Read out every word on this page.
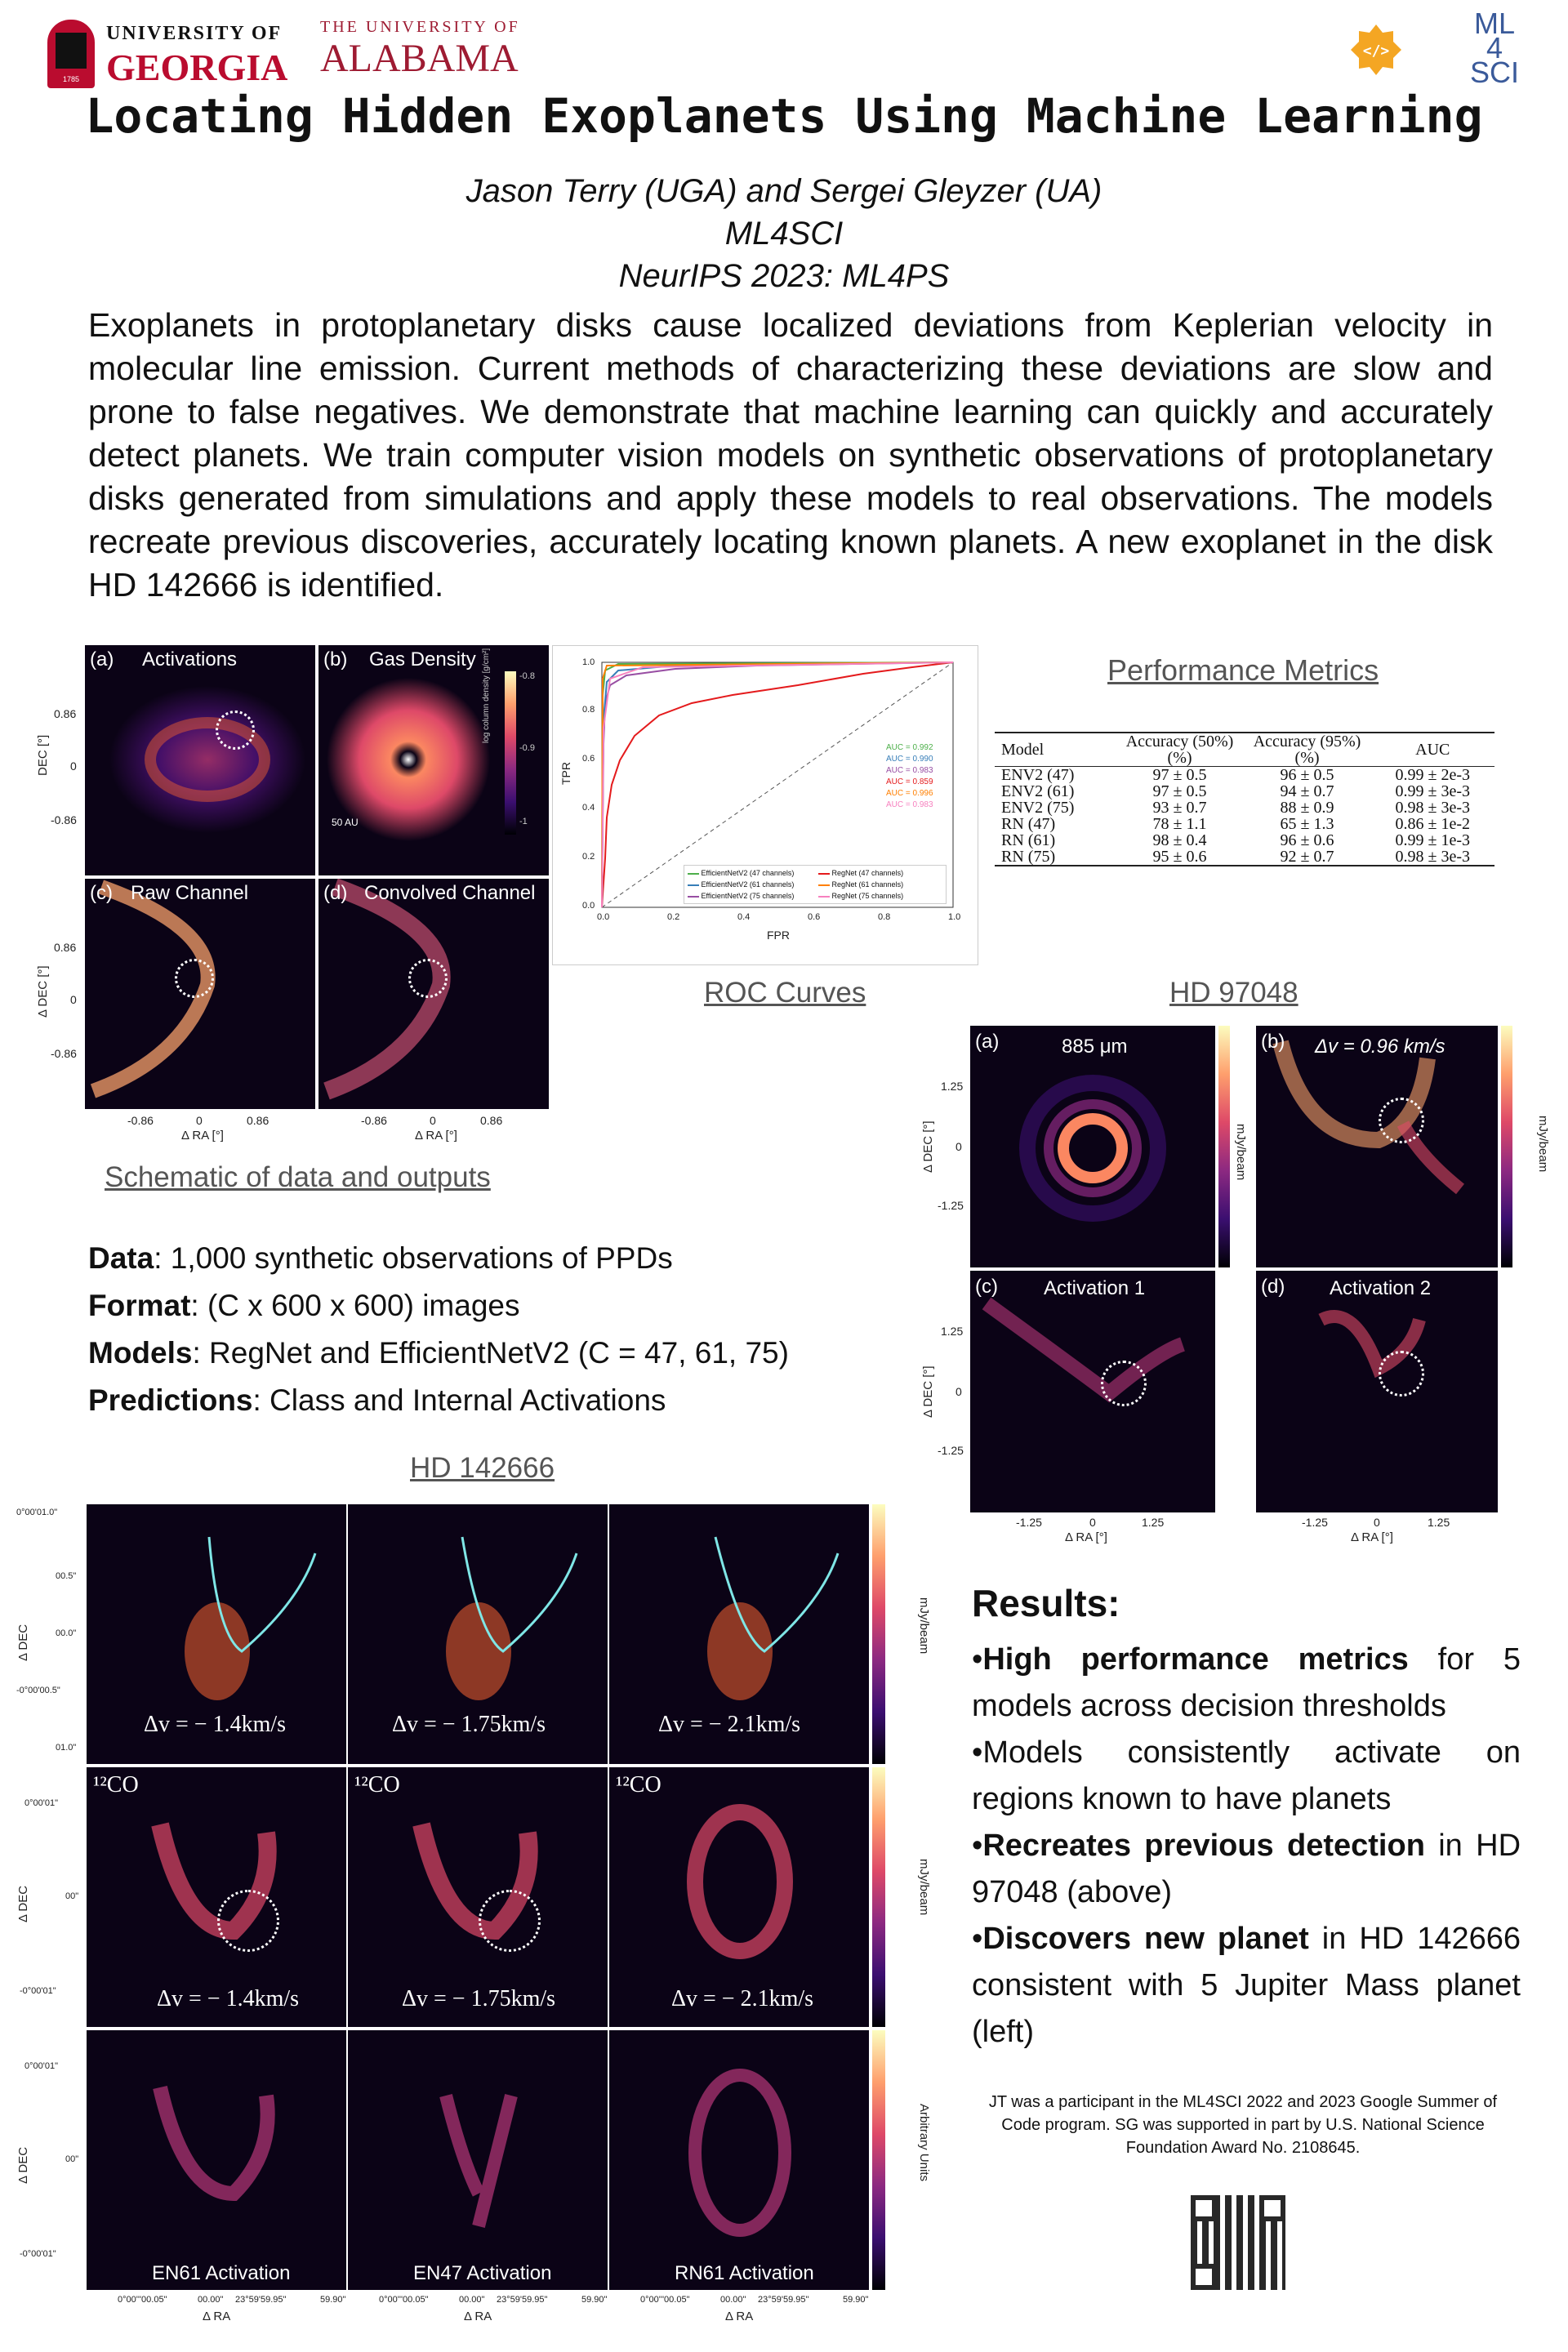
1785
UNIVERSITY OF
GEORGIA
THE UNIVERSITY OF
ALABAMA	</>
ML
4
SCI
Locating Hidden Exoplanets Using Machine Learning
Jason Terry (UGA) and Sergei Gleyzer (UA)
ML4SCI
NeurIPS 2023: ML4PS
Exoplanets in protoplanetary disks cause localized deviations from Keplerian velocity in molecular line emission. Current methods of characterizing these deviations are slow and prone to false negatives. We demonstrate that machine learning can quickly and accurately detect planets. We train computer vision models on synthetic observations of protoplanetary disks generated from simulations and apply these models to real observations. The models recreate previous discoveries, accurately locating known planets. A new exoplanet in the disk HD 142666 is identified.
(a) Activations	(b) Gas Density
50 AU
-0.8
-0.9
-1
log column density [g/cm²]
(c) Raw Channel	(d) Convolved Channel
0.86
0
-0.86
0.86
0
-0.86
DEC [°]
Δ DEC [°]
-0.86	0	0.86	-0.86	0	0.86
Δ RA [°]	Δ RA [°]
Schematic of data and outputs
0.0	0.2	0.4	0.6	0.8	1.0
0.0
0.2
0.4
0.6
0.8
1.0
FPR
TPR
AUC = 0.992
AUC = 0.990
AUC = 0.983
AUC = 0.859
AUC = 0.996
AUC = 0.983
EfficientNetV2 (47 channels)
EfficientNetV2 (61 channels)
EfficientNetV2 (75 channels)
RegNet (47 channels)
RegNet (61 channels)
RegNet (75 channels)
ROC Curves
Performance Metrics
Model	Accuracy (50%) (%)	Accuracy (95%) (%)	AUC
ENV2 (47)	97 ± 0.5	96 ± 0.5	0.99 ± 2e-3
ENV2 (61)	97 ± 0.5	94 ± 0.7	0.99 ± 3e-3
ENV2 (75)	93 ± 0.7	88 ± 0.9	0.98 ± 3e-3
RN (47)	78 ± 1.1	65 ± 1.3	0.86 ± 1e-2
RN (61)	98 ± 0.4	96 ± 0.6	0.99 ± 1e-3
RN (75)	95 ± 0.6	92 ± 0.7	0.98 ± 3e-3
HD 97048
(a)	885 μm	(b) Δv = 0.96 km/s
(c) Activation 1	(d) Activation 2
1.25
0
-1.25
1.25
0
-1.25
Δ DEC [°]
Δ DEC [°]
-1.25	0	1.25	-1.25	0	1.25
Δ RA [°]	Δ RA [°]
mJy/beam	mJy/beam
Data: 1,000 synthetic observations of PPDs
Format: (C x 600 x 600) images
Models: RegNet and EfficientNetV2 (C = 47, 61, 75)
Predictions: Class and Internal Activations
HD 142666
Δv = − 1.4km/s	Δv = − 1.75km/s	Δv = − 2.1km/s
¹²CO
Δv = − 1.4km/s
¹²CO
Δv = − 1.75km/s
¹²CO
Δv = − 2.1km/s
EN61 Activation	EN47 Activation	RN61 Activation
0°00'01.0"
00.5"
00.0"
-0°00'00.5"
01.0"
0°00'01"
00"
-0°00'01"
0°00'01"
00"
-0°00'01"
Δ DEC
Δ DEC
Δ DEC
0°00'''00.05"	00.00" 23°59'59.95"	59.90"	0°00'''00.05"	00.00" 23°59'59.95"	59.90"	0°00'''00.05"	00.00" 23°59'59.95"	59.90"
Δ RA	Δ RA	Δ RA
mJy/beam
mJy/beam
Arbitrary Units
Results:
•High performance metrics for 5 models across decision thresholds
•Models consistently activate on regions known to have planets
•Recreates previous detection in HD 97048 (above)
•Discovers new planet in HD 142666 consistent with 5 Jupiter Mass planet (left)
JT was a participant in the ML4SCI 2022 and 2023 Google Summer of Code program. SG was supported in part by U.S. National Science Foundation Award No. 2108645.
